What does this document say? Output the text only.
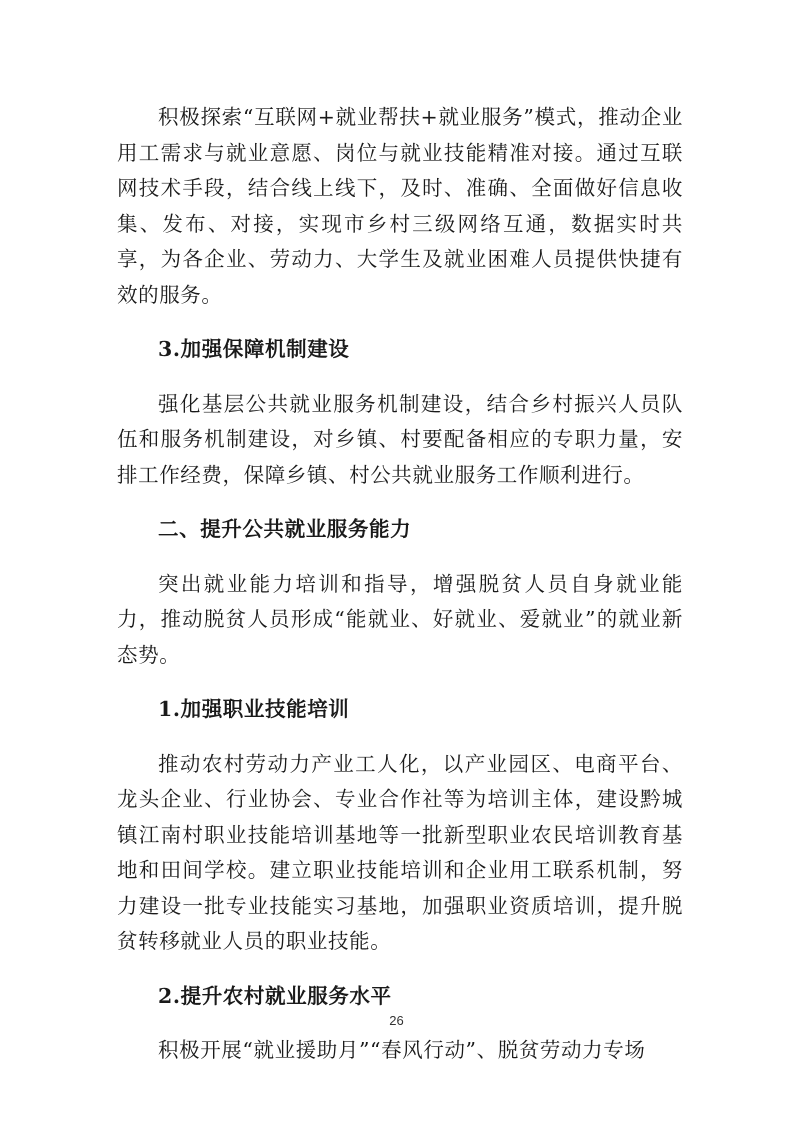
积极探索“互联网+就业帮扶+就业服务”模式，推动企业用工需求与就业意愿、岗位与就业技能精准对接。通过互联网技术手段，结合线上线下，及时、准确、全面做好信息收集、发布、对接，实现市乡村三级网络互通，数据实时共享，为各企业、劳动力、大学生及就业困难人员提供快捷有效的服务。

3.加强保障机制建设

强化基层公共就业服务机制建设，结合乡村振兴人员队伍和服务机制建设，对乡镇、村要配备相应的专职力量，安排工作经费，保障乡镇、村公共就业服务工作顺利进行。

二、提升公共就业服务能力

突出就业能力培训和指导，增强脱贫人员自身就业能力，推动脱贫人员形成“能就业、好就业、爱就业”的就业新态势。

1.加强职业技能培训

推动农村劳动力产业工人化，以产业园区、电商平台、龙头企业、行业协会、专业合作社等为培训主体，建设黔城镇江南村职业技能培训基地等一批新型职业农民培训教育基地和田间学校。建立职业技能培训和企业用工联系机制，努力建设一批专业技能实习基地，加强职业资质培训，提升脱贫转移就业人员的职业技能。

2.提升农村就业服务水平

积极开展“就业援助月”“春风行动”、脱贫劳动力专场

26
